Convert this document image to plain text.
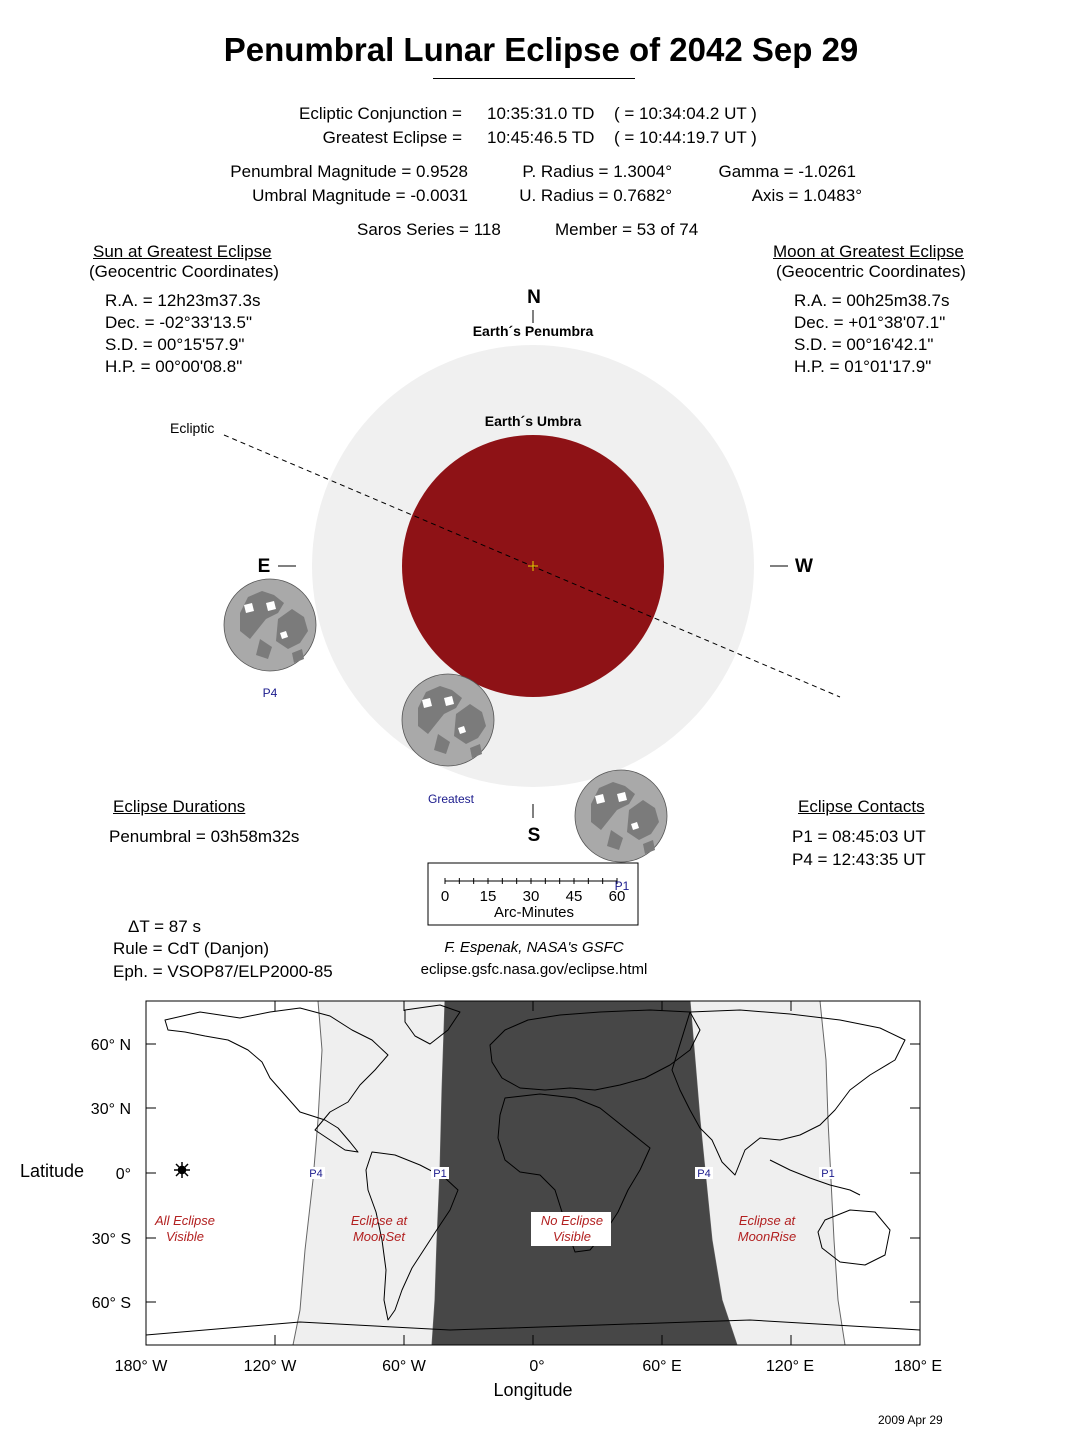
Penumbral Lunar Eclipse of 2042 Sep 29
Ecliptic Conjunction = 10:35:31.0 TD ( = 10:34:04.2 UT )
Greatest Eclipse = 10:45:46.5 TD ( = 10:44:19.7 UT )
Penumbral Magnitude = 0.9528
Umbral Magnitude = -0.0031
P. Radius = 1.3004°
U. Radius = 0.7682°
Gamma = -1.0261
Axis = 1.0483°
Saros Series = 118	Member = 53 of 74
Sun at Greatest Eclipse
(Geocentric Coordinates)
R.A. = 12h23m37.3s
Dec. = -02°33'13.5"
S.D. = 00°15'57.9"
H.P. = 00°00'08.8"
Moon at Greatest Eclipse
(Geocentric Coordinates)
R.A. = 00h25m38.7s
Dec. = +01°38'07.1"
S.D. = 00°16'42.1"
H.P. = 01°01'17.9"
Eclipse Durations
Penumbral = 03h58m32s
Eclipse Contacts
P1 = 08:45:03 UT
P4 = 12:43:35 UT
ΔT = 87 s
Rule = CdT (Danjon)
Eph. = VSOP87/ELP2000-85
F. Espenak, NASA's GSFC
eclipse.gsfc.nasa.gov/eclipse.html
2009 Apr 29
Earth´s Penumbra
Earth´s Umbra
Ecliptic
N
S
E	W
P4
Greatest
P1
0 15 30 45 60
Arc-Minutes
P4	P1	P4	P1
All Eclipse
Visible
Eclipse at
MoonSet
No Eclipse
Visible
Eclipse at
MoonRise
60° N
30° N
0°
30° S
60° S
Latitude
180° W	120° W	60° W	0°	60° E	120° E	180° E
Longitude
